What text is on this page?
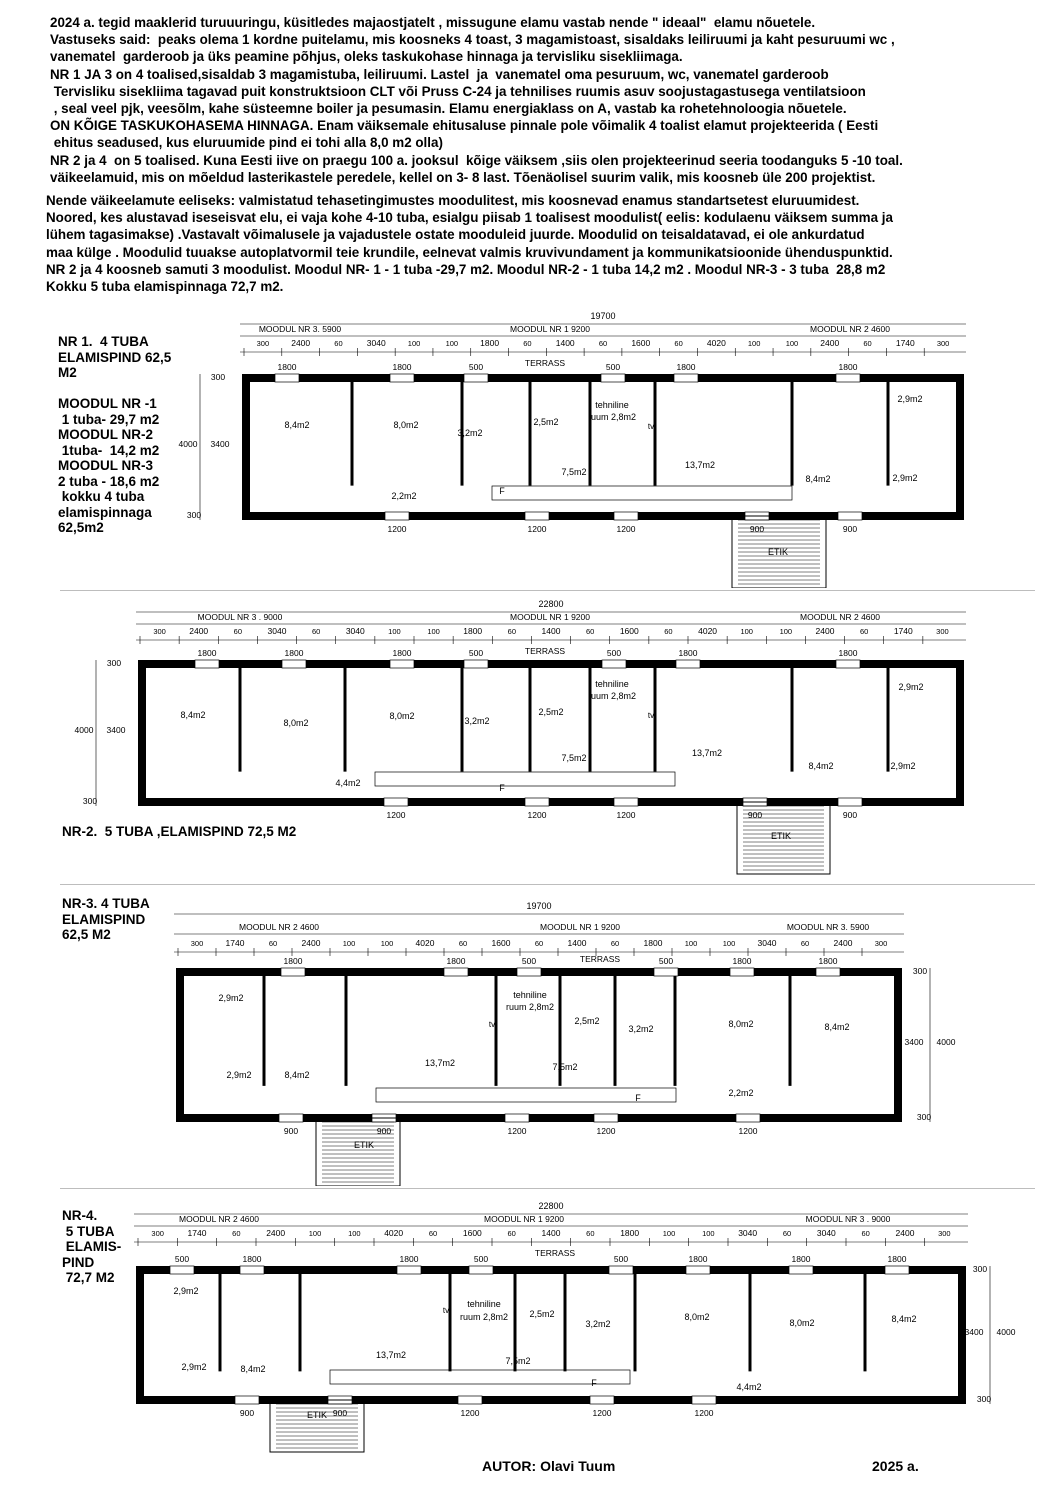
2024 a. tegid maaklerid turuuuringu, küsitledes majaostjatelt , missugune elamu vastab nende " ideaal"  elamu nõuetele.

Vastuseks said:  peaks olema 1 kordne puitelamu, mis koosneks 4 toast, 3 magamistoast, sisaldaks leiliruumi ja kaht pesuruumi wc ,

vanematel  garderoob ja üks peamine põhjus, oleks taskukohase hinnaga ja tervisliku sisekliimaga.

NR 1 JA 3 on 4 toalised,sisaldab 3 magamistuba, leiliruumi. Lastel  ja  vanematel oma pesuruum, wc, vanematel garderoob

Tervisliku sisekliima tagavad puit konstruktsioon CLT või Pruss C-24 ja tehnilises ruumis asuv soojustagastusega ventilatsioon

, seal veel pjk, veesõlm, kahe süsteemne boiler ja pesumasin. Elamu energiaklass on A, vastab ka rohetehnoloogia nõuetele.

ON KÕIGE TASKUKOHASEMA HINNAGA. Enam väiksemale ehitusaluse pinnale pole võimalik 4 toalist elamut projekteerida ( Eesti

ehitus seadused, kus eluruumide pind ei tohi alla 8,0 m2 olla)

NR 2 ja 4  on 5 toalised. Kuna Eesti iive on praegu 100 a. jooksul  kõige väiksem ,siis olen projekteerinud seeria toodanguks 5 -10 toal.

väikeelamuid, mis on mõeldud lasterikastele peredele, kellel on 3- 8 last. Tõenäolisel suurim valik, mis koosneb üle 200 projektist.

Nende väikeelamute eeliseks: valmistatud tehasetingimustes moodulitest, mis koosnevad enamus standartsetest eluruumidest.

Noored, kes alustavad iseseisvat elu, ei vaja kohe 4-10 tuba, esialgu piisab 1 toalisest moodulist( eelis: kodulaenu väiksem summa ja

lühem tagasimakse) .Vastavalt võimalusele ja vajadustele ostate mooduleid juurde. Moodulid on teisaldatavad, ei ole ankurdatud

maa külge . Moodulid tuuakse autoplatvormil teie krundile, eelnevat valmis kruvivundament ja kommunikatsioonide ühenduspunktid.

NR 2 ja 4 koosneb samuti 3 moodulist. Moodul NR- 1 - 1 tuba -29,7 m2. Moodul NR-2 - 1 tuba 14,2 m2 . Moodul NR-3 - 3 tuba  28,8 m2

Kokku 5 tuba elamispinnaga 72,7 m2.

19700
MOODUL NR 3. 5900	MOODUL NR 1 9200	MOODUL NR 2 4600
300	2400	60	3040	100	100	1800	60	1400	60	1600	60	4020	100	100	2400	60	1740	300
TERRASS
1800	1800	500	500	1800	1800
1200	1200	1200	900	900
300
4000 3400
300
ETIK
8,4m2	8,0m2
2,2m2
3,2m2
2,5m2
tehniline
ruum 2,8m2
7,5m2
13,7m2
8,4m2
2,9m2
2,9m2
F
tv
22800
MOODUL NR 3 . 9000	MOODUL NR 1 9200	MOODUL NR 2 4600
300	2400	60	3040	60	3040	100	100	1800	60	1400	60	1600	60	4020	100	100	2400	60	1740	300
TERRASS
1800	1800	1800	500	500	1800	1800
1200	1200	1200	900	900
300
4000 3400
300
ETIK
8,4m2
8,0m2
8,0m2
4,4m2
3,2m2
2,5m2
tehniline
ruum 2,8m2
7,5m2	13,7m2
8,4m2
2,9m2
2,9m2
F
tv
19700
MOODUL NR 2 4600	MOODUL NR 1 9200	MOODUL NR 3. 5900
300	1740	60	2400	100	100	4020	60	1600	60	1400	60	1800	100	100	3040	60	2400	300
TERRASS
1800	1800	500	500	1800	1800
900	900	1200	1200	1200
300
3400 4000
300
ETIK
2,9m2
2,9m2	8,4m2
13,7m2
tehniline
ruum 2,8m2
2,5m2
3,2m2
7,5m2
8,0m2	8,4m2
2,2m2
F
tv
22800
MOODUL NR 2 4600	MOODUL NR 1 9200	MOODUL NR 3 . 9000
300	1740	60	2400	100	100	4020	60	1600	60	1400	60	1800	100	100	3040	60	3040	60	2400	300
TERRASS
500	1800	1800	500	500	1800	1800	1800
900	900	1200	1200	1200
300
3400 4000
300
ETIK
2,9m2
2,9m2	8,4m2
13,7m2
tehniline
ruum 2,8m2 2,5m2
7,5m2
3,2m2
8,0m2
8,0m2	8,4m2
4,4m2
F
tv
NR 1.  4 TUBA
ELAMISPIND 62,5
M2

MOODUL NR -1
1 tuba- 29,7 m2
MOODUL NR-2
1tuba-  14,2 m2
MOODUL NR-3
2 tuba - 18,6 m2
kokku 4 tuba
elamispinnaga
62,5m2
NR-2.  5 TUBA ,ELAMISPIND 72,5 M2
NR-3. 4 TUBA
ELAMISPIND
62,5 M2
NR-4.
5 TUBA
ELAMIS-
PIND
72,7 M2
AUTOR: Olavi Tuum	2025 a.
